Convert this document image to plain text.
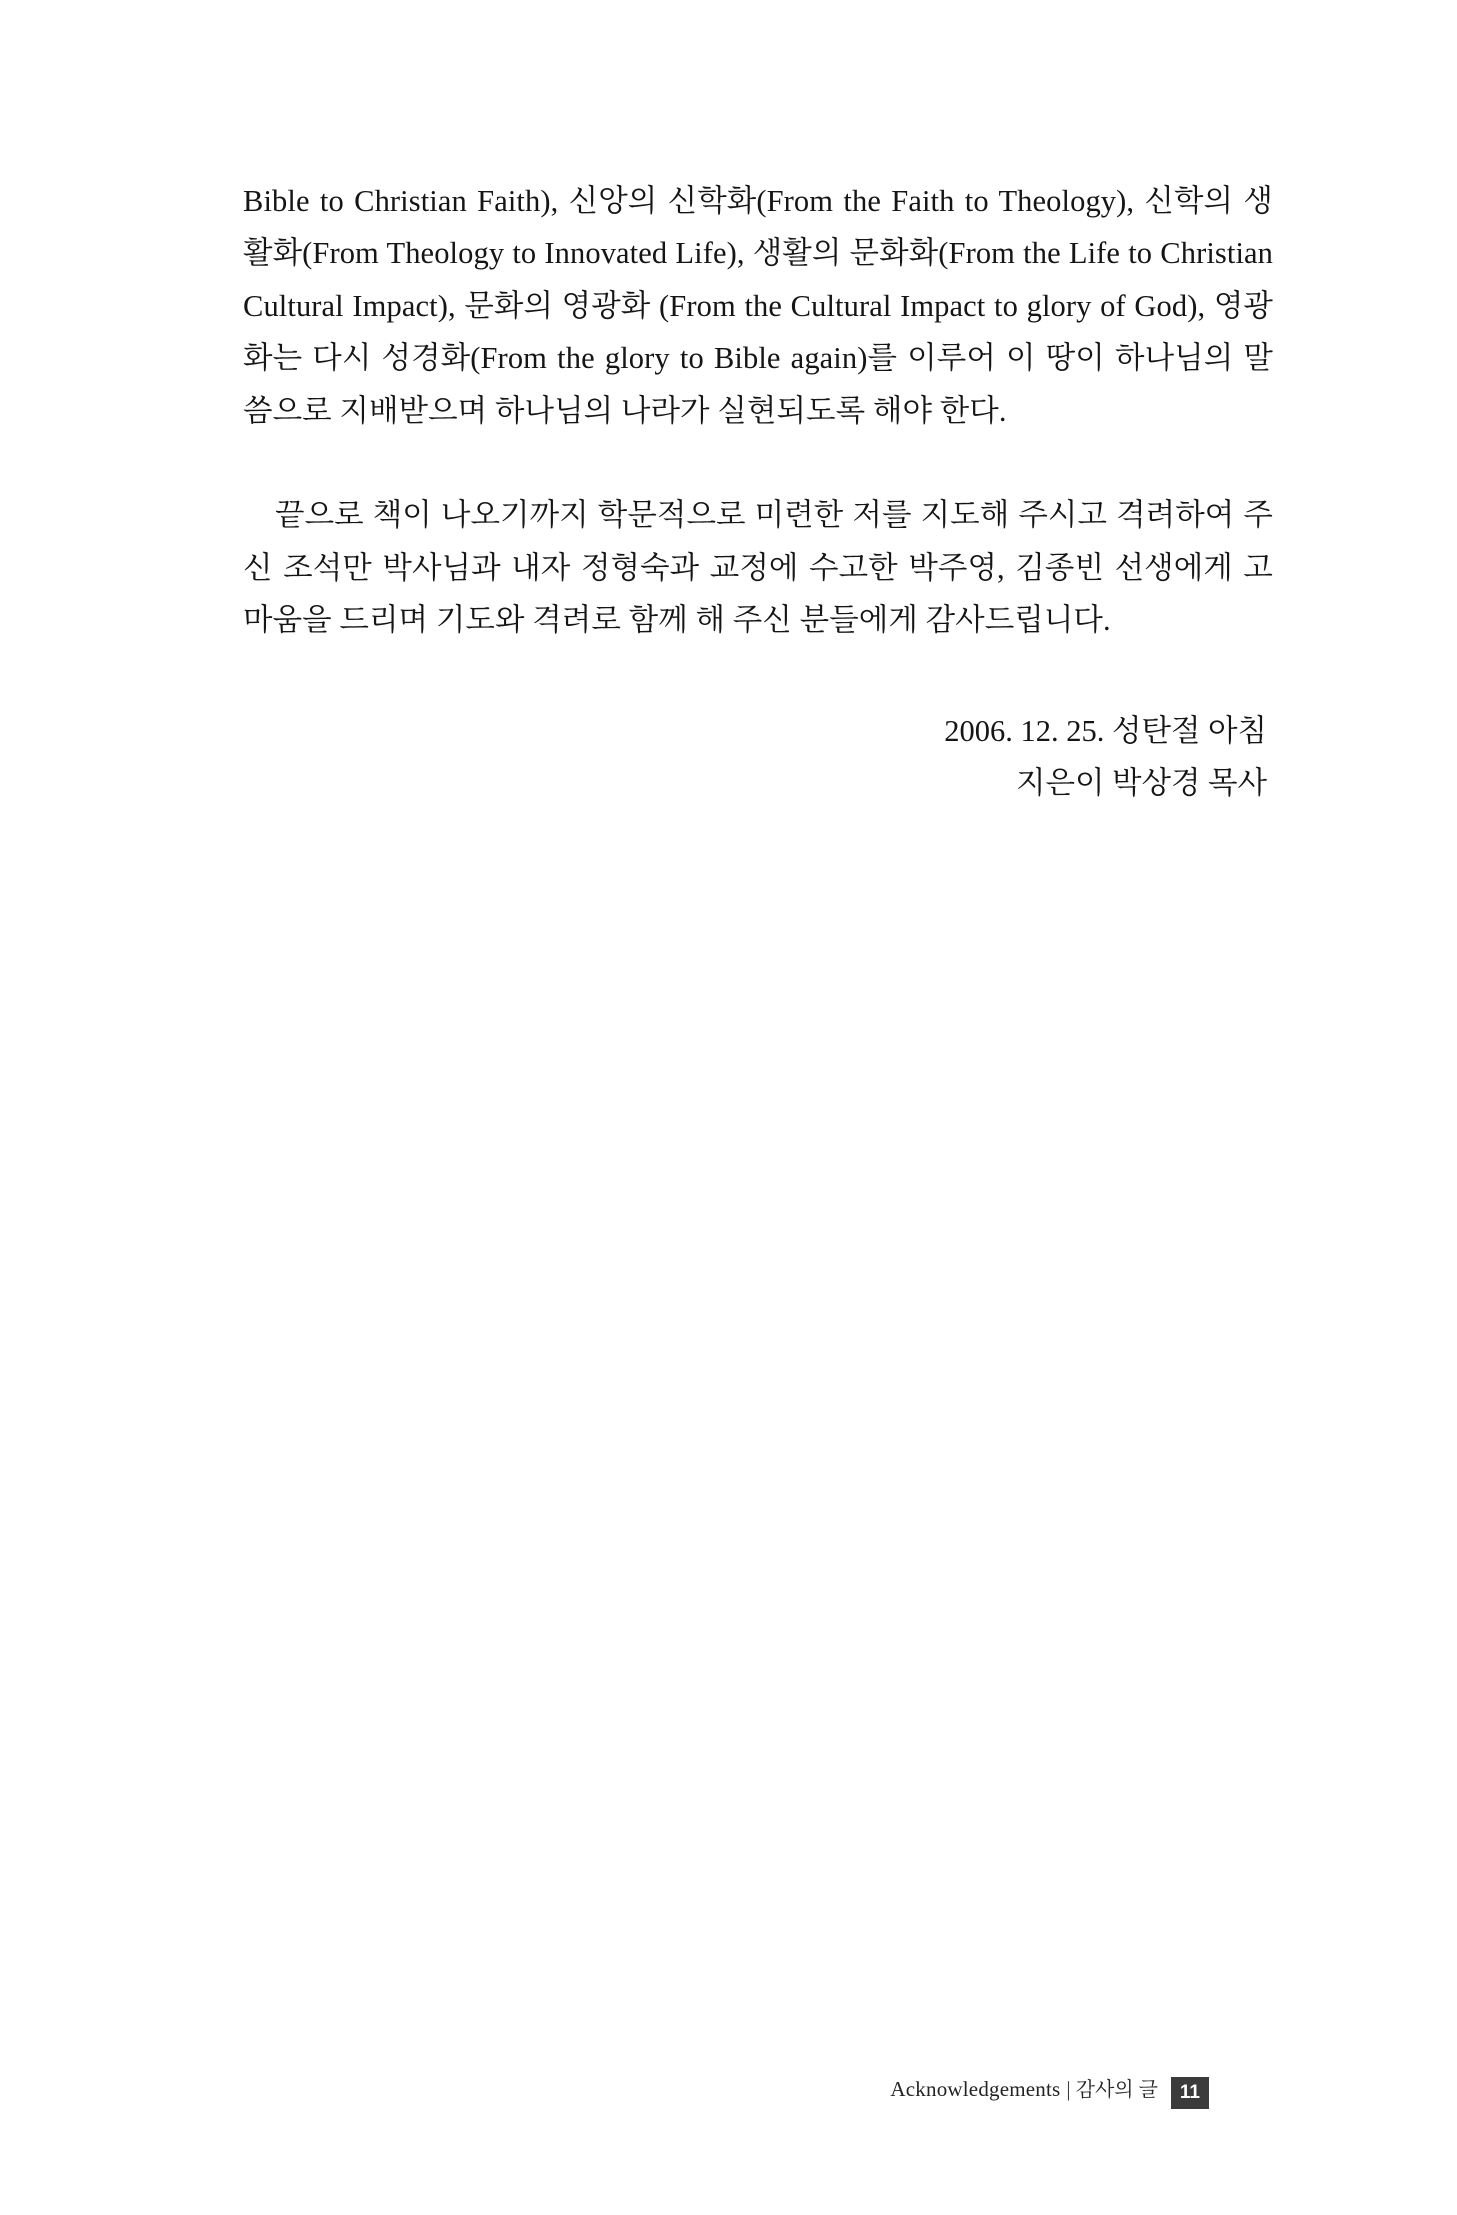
Bible to Christian Faith), 신앙의 신학화(From the Faith to Theology), 신학의 생활화(From Theology to Innovated Life), 생활의 문화화(From the Life to Christian Cultural Impact), 문화의 영광화 (From the Cultural Impact to glory of God), 영광화는 다시 성경화(From the glory to Bible again)를 이루어 이 땅이 하나님의 말씀으로 지배받으며 하나님의 나라가 실현되도록 해야 한다.

끝으로 책이 나오기까지 학문적으로 미련한 저를 지도해 주시고 격려하여 주신 조석만 박사님과 내자 정형숙과 교정에 수고한 박주영, 김종빈 선생에게 고마움을 드리며 기도와 격려로 함께 해 주신 분들에게 감사드립니다.

2006. 12. 25. 성탄절 아침
지은이 박상경 목사
Acknowledgements | 감사의 글 11
